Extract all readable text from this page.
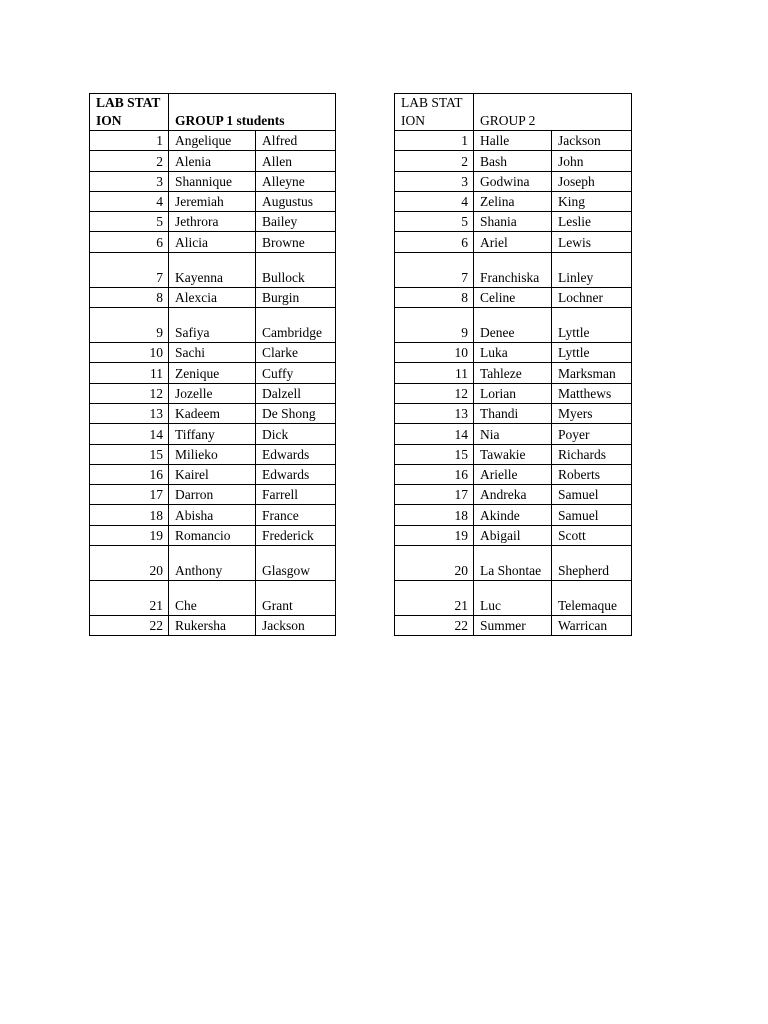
LAB STATION	GROUP 1 students	
1	Angelique	Alfred
2	Alenia	Allen
3	Shannique	Alleyne
4	Jeremiah	Augustus
5	Jethrora	Bailey
6	Alicia	Browne
7	Kayenna	Bullock
8	Alexcia	Burgin
9	Safiya	Cambridge
10	Sachi	Clarke
11	Zenique	Cuffy
12	Jozelle	Dalzell
13	Kadeem	De Shong
14	Tiffany	Dick
15	Milieko	Edwards
16	Kairel	Edwards
17	Darron	Farrell
18	Abisha	France
19	Romancio	Frederick
20	Anthony	Glasgow
21	Che	Grant
22	Rukersha	Jackson
LAB STATION	GROUP 2	
1	Halle	Jackson
2	Bash	John
3	Godwina	Joseph
4	Zelina	King
5	Shania	Leslie
6	Ariel	Lewis
7	Franchiska	Linley
8	Celine	Lochner
9	Denee	Lyttle
10	Luka	Lyttle
11	Tahleze	Marksman
12	Lorian	Matthews
13	Thandi	Myers
14	Nia	Poyer
15	Tawakie	Richards
16	Arielle	Roberts
17	Andreka	Samuel
18	Akinde	Samuel
19	Abigail	Scott
20	La Shontae	Shepherd
21	Luc	Telemaque
22	Summer	Warrican
